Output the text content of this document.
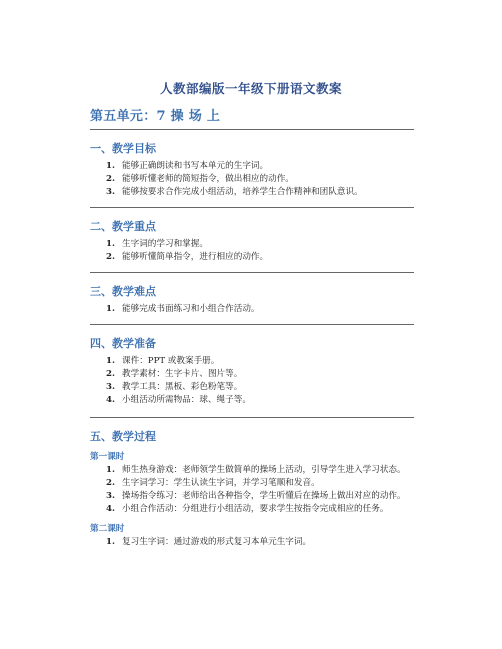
人教部编版一年级下册语文教案
第五单元：7 操 场 上
一、教学目标
1. 能够正确朗读和书写本单元的生字词。
2. 能够听懂老师的简短指令，做出相应的动作。
3. 能够按要求合作完成小组活动，培养学生合作精神和团队意识。
二、教学重点
1. 生字词的学习和掌握。
2. 能够听懂简单指令，进行相应的动作。
三、教学难点
1. 能够完成书面练习和小组合作活动。
四、教学准备
1. 课件：PPT 或教案手册。
2. 教学素材：生字卡片、图片等。
3. 教学工具：黑板、彩色粉笔等。
4. 小组活动所需物品：球、绳子等。
五、教学过程
第一课时
1. 师生热身游戏：老师领学生做简单的操场上活动，引导学生进入学习状态。
2. 生字词学习：学生认读生字词，并学习笔顺和发音。
3. 操场指令练习：老师给出各种指令，学生听懂后在操场上做出对应的动作。
4. 小组合作活动：分组进行小组活动，要求学生按指令完成相应的任务。
第二课时
1. 复习生字词：通过游戏的形式复习本单元生字词。
